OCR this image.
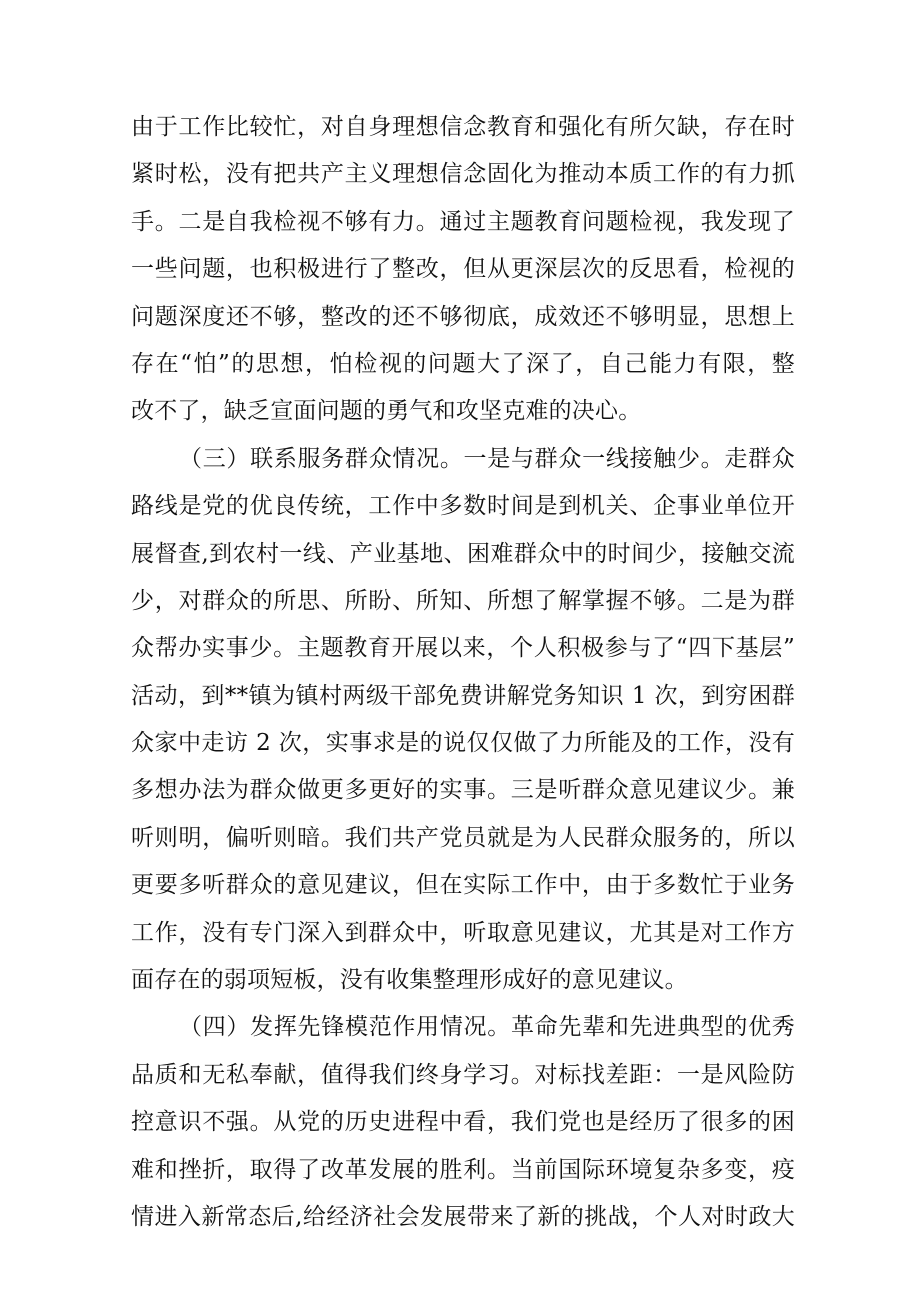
由于工作比较忙，对自身理想信念教育和强化有所欠缺，存在时
紧时松，没有把共产主义理想信念固化为推动本质工作的有力抓
手。二是自我检视不够有力。通过主题教育问题检视，我发现了
一些问题，也积极进行了整改，但从更深层次的反思看，检视的
问题深度还不够，整改的还不够彻底，成效还不够明显，思想上
存在“怕”的思想，怕检视的问题大了深了，自己能力有限，整
改不了，缺乏宣面问题的勇气和攻坚克难的决心。
（三）联系服务群众情况。一是与群众一线接触少。走群众
路线是党的优良传统，工作中多数时间是到机关、企事业单位开
展督查,到农村一线、产业基地、困难群众中的时间少，接触交流
少，对群众的所思、所盼、所知、所想了解掌握不够。二是为群
众帮办实事少。主题教育开展以来，个人积极参与了“四下基层”
活动，到**镇为镇村两级干部免费讲解党务知识 1 次，到穷困群
众家中走访 2 次，实事求是的说仅仅做了力所能及的工作，没有
多想办法为群众做更多更好的实事。三是听群众意见建议少。兼
听则明，偏听则暗。我们共产党员就是为人民群众服务的，所以
更要多听群众的意见建议，但在实际工作中，由于多数忙于业务
工作，没有专门深入到群众中，听取意见建议，尤其是对工作方
面存在的弱项短板，没有收集整理形成好的意见建议。
（四）发挥先锋模范作用情况。革命先辈和先进典型的优秀
品质和无私奉献，值得我们终身学习。对标找差距：一是风险防
控意识不强。从党的历史进程中看，我们党也是经历了很多的困
难和挫折，取得了改革发展的胜利。当前国际环境复杂多变，疫
情进入新常态后,给经济社会发展带来了新的挑战，个人对时政大
